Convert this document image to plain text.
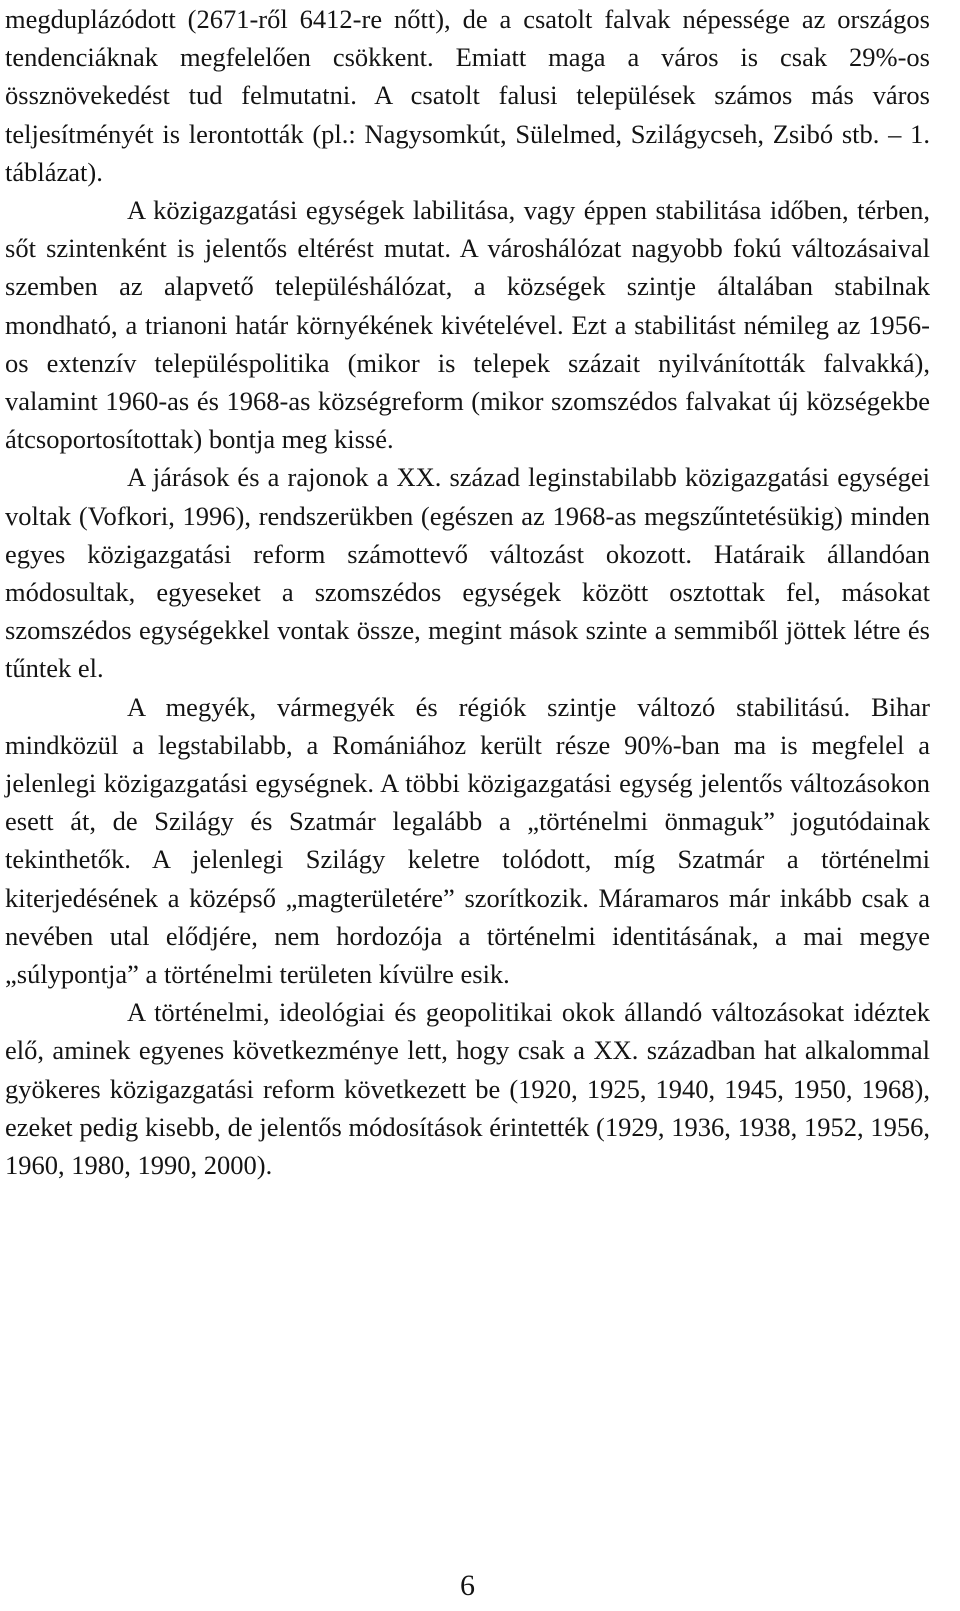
megduplázódott (2671-ről 6412-re nőtt), de a csatolt falvak népessége az országos tendenciáknak megfelelően csökkent. Emiatt maga a város is csak 29%-os össznövekedést tud felmutatni. A csatolt falusi települések számos más város teljesítményét is lerontották (pl.: Nagysomkút, Sülelmed, Szilágycseh, Zsibó stb. – 1. táblázat).

A közigazgatási egységek labilitása, vagy éppen stabilitása időben, térben, sőt szintenként is jelentős eltérést mutat. A városhálózat nagyobb fokú változásaival szemben az alapvető településhálózat, a községek szintje általában stabilnak mondható, a trianoni határ környékének kivételével. Ezt a stabilitást némileg az 1956-os extenzív településpolitika (mikor is telepek százait nyilvánították falvakká), valamint 1960-as és 1968-as községreform (mikor szomszédos falvakat új községekbe átcsoportosítottak) bontja meg kissé.

A járások és a rajonok a XX. század leginstabilabb közigazgatási egységei voltak (Vofkori, 1996), rendszerükben (egészen az 1968-as megszűntetésükig) minden egyes közigazgatási reform számottevő változást okozott. Határaik állandóan módosultak, egyeseket a szomszédos egységek között osztottak fel, másokat szomszédos egységekkel vontak össze, megint mások szinte a semmiből jöttek létre és tűntek el.

A megyék, vármegyék és régiók szintje változó stabilitású. Bihar mindközül a legstabilabb, a Romániához került része 90%-ban ma is megfelel a jelenlegi közigazgatási egységnek. A többi közigazgatási egység jelentős változásokon esett át, de Szilágy és Szatmár legalább a „történelmi önmaguk” jogutódainak tekinthetők. A jelenlegi Szilágy keletre tolódott, míg Szatmár a történelmi kiterjedésének a középső „magterületére” szorítkozik. Máramaros már inkább csak a nevében utal elődjére, nem hordozója a történelmi identitásának, a mai megye „súlypontja” a történelmi területen kívülre esik.

A történelmi, ideológiai és geopolitikai okok állandó változásokat idéztek elő, aminek egyenes következménye lett, hogy csak a XX. században hat alkalommal gyökeres közigazgatási reform következett be (1920, 1925, 1940, 1945, 1950, 1968), ezeket pedig kisebb, de jelentős módosítások érintették (1929, 1936, 1938, 1952, 1956, 1960, 1980, 1990, 2000).

6
